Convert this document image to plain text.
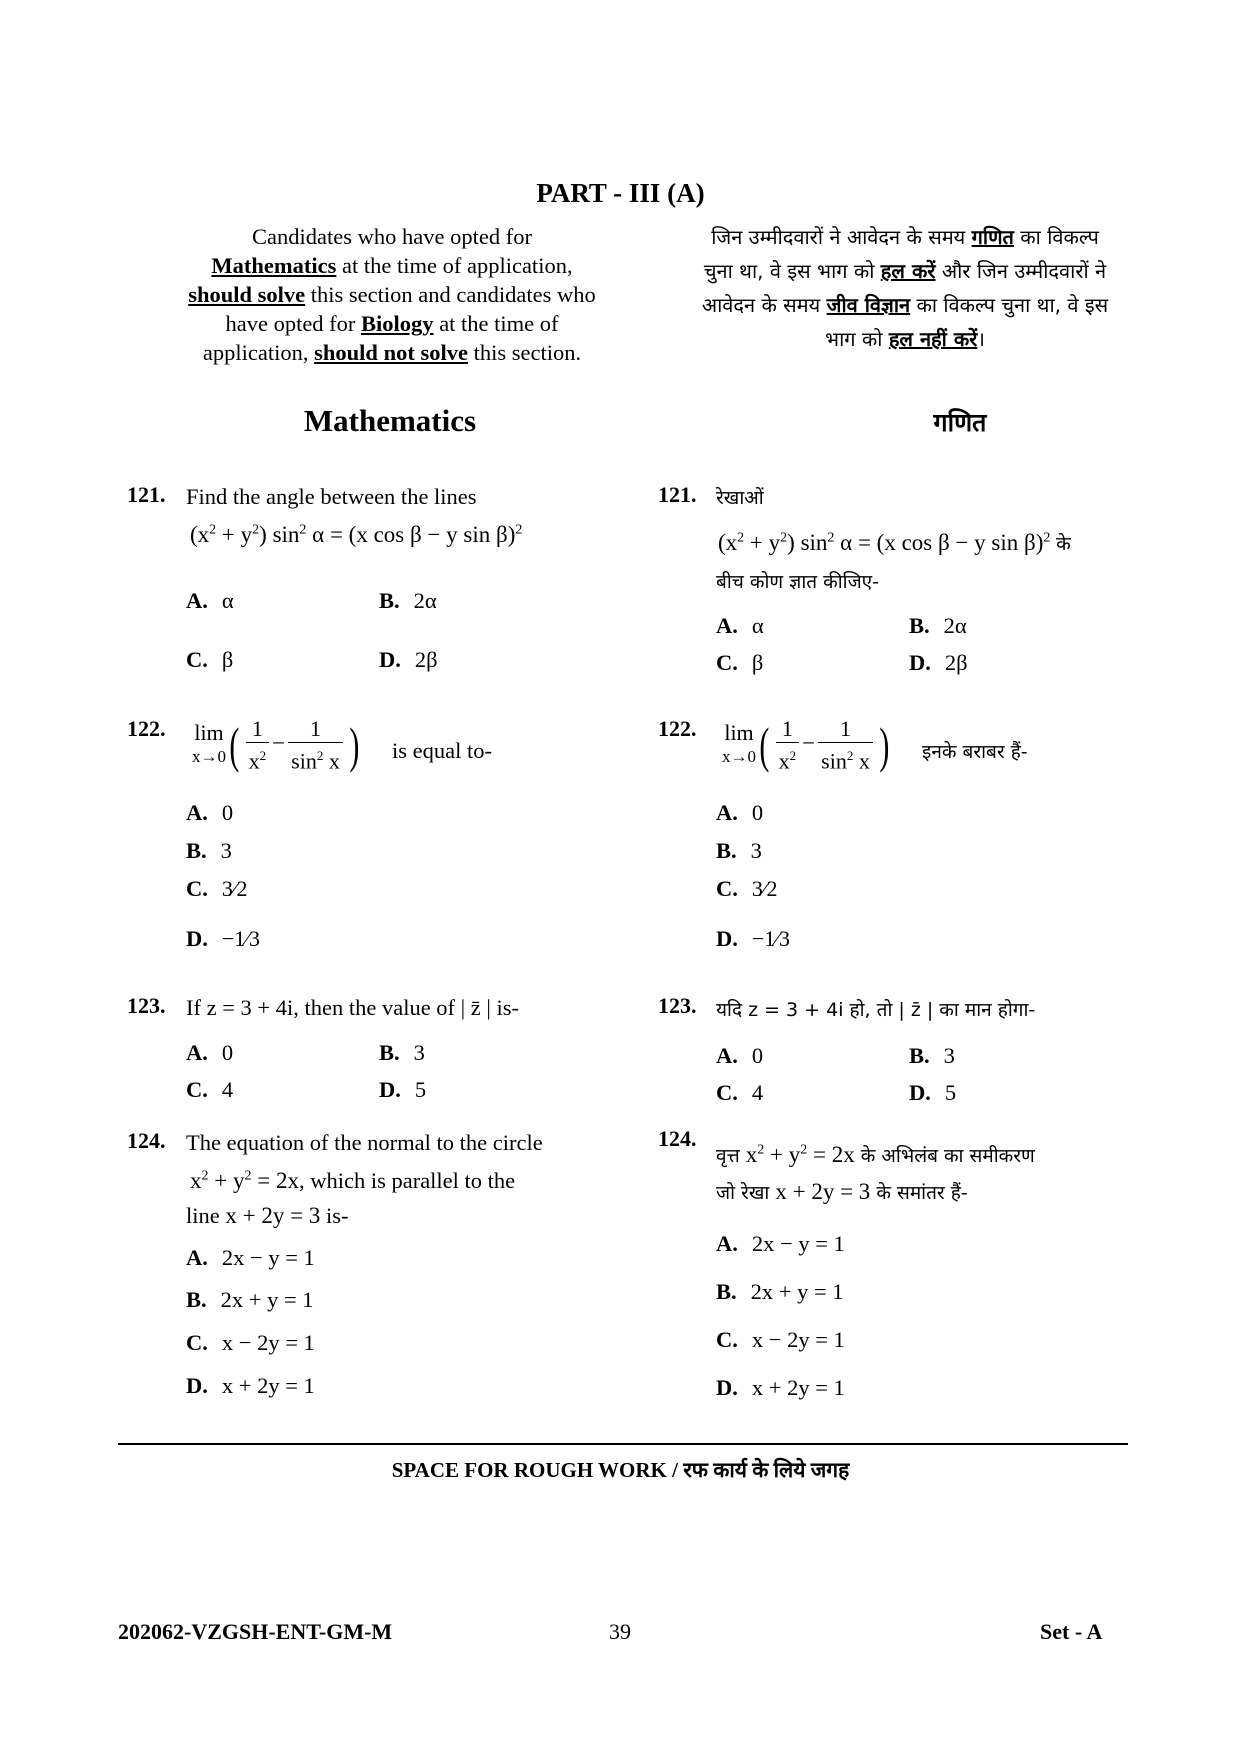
PART - III (A)
Candidates who have opted for
Mathematics at the time of application,
should solve this section and candidates who have opted for Biology at the time of application, should not solve this section.
जिन उम्मीदवारों ने आवेदन के समय गणित का विकल्प चुना था, वे इस भाग को हल करें और जिन उम्मीदवारों ने आवेदन के समय जीव विज्ञान का विकल्प चुना था, वे इस भाग को हल नहीं करें।
Mathematics	गणित
121. Find the angle between the lines
$(x^2 + y^2)$ $\sin^2 \alpha = (x$ cos β − y sin β)$^2$
A. α	B. 2α
C. β	D. 2β
121. रेखाओं
$(x^2 + y^2)$ $\sin^2 \alpha = (x$ cos β − y sin β)$^2$ के
बीच कोण ज्ञात कीजिए-
A. α	B. 2α
C. β	D. 2β
122. lim
x→0 ( $\frac{1}{x^2} - \frac{1}{\sin^2 x}$ ) is equal to-
A. 0
B. 3
C. 3⁄2
D. −1⁄3
122. lim
x→0 ( $\frac{1}{x^2} - \frac{1}{\sin^2 x}$ ) इनके बराबर हैं-
A. 0
B. 3
C. 3⁄2
D. −1⁄3
123. If z = 3 + 4i, then the value of | z̄ | is-
A. 0	B. 3
C. 4	D. 5
123. यदि z = 3 + 4i हो, तो | z̄ | का मान होगा-
A. 0	B. 3
C. 4	D. 5
124. The equation of the normal to the circle
$x^2 + y^2 = 2x$, which is parallel to the
line x + 2y = 3 is-
A. 2x − y = 1
B. 2x + y = 1
C. x − 2y = 1
D. x + 2y = 1
124.
वृत्त $x^2 + y^2 = 2x$ के अभिलंब का समीकरण
जो रेखा x + 2y = 3 के समांतर हैं-
A. 2x − y = 1
B. 2x + y = 1
C. x − 2y = 1
D. x + 2y = 1
SPACE FOR ROUGH WORK / रफ कार्य के लिये जगह
202062-VZGSH-ENT-GM-M	39	Set - A
